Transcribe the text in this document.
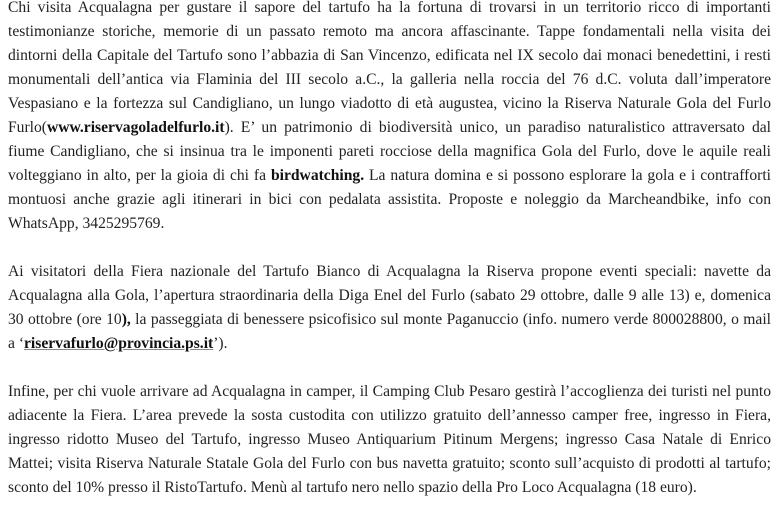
Chi visita Acqualagna per gustare il sapore del tartufo ha la fortuna di trovarsi in un territorio ricco di importanti testimonianze storiche, memorie di un passato remoto ma ancora affascinante. Tappe fondamentali nella visita dei dintorni della Capitale del Tartufo sono l’abbazia di San Vincenzo, edificata nel IX secolo dai monaci benedettini, i resti monumentali dell’antica via Flaminia del III secolo a.C., la galleria nella roccia del 76 d.C. voluta dall’imperatore Vespasiano e la fortezza sul Candigliano, un lungo viadotto di età augustea, vicino la Riserva Naturale Gola del Furlo Furlo(www.riservagoladelfurlo.it). E’ un patrimonio di biodiversità unico, un paradiso naturalistico attraversato dal fiume Candigliano, che si insinua tra le imponenti pareti rocciose della magnifica Gola del Furlo, dove le aquile reali volteggiano in alto, per la gioia di chi fa birdwatching. La natura domina e si possono esplorare la gola e i contrafforti montuosi anche grazie agli itinerari in bici con pedalata assistita. Proposte e noleggio da Marcheandbike, info con WhatsApp, 3425295769.

Ai visitatori della Fiera nazionale del Tartufo Bianco di Acqualagna la Riserva propone eventi speciali: navette da Acqualagna alla Gola, l’apertura straordinaria della Diga Enel del Furlo (sabato 29 ottobre, dalle 9 alle 13) e, domenica 30 ottobre (ore 10), la passeggiata di benessere psicofisico sul monte Paganuccio (info. numero verde 800028800, o mail a ‘riservafurlo@provincia.ps.it’).

Infine, per chi vuole arrivare ad Acqualagna in camper, il Camping Club Pesaro gestirà l’accoglienza dei turisti nel punto adiacente la Fiera. L’area prevede la sosta custodita con utilizzo gratuito dell’annesso camper free, ingresso in Fiera, ingresso ridotto Museo del Tartufo, ingresso Museo Antiquarium Pitinum Mergens; ingresso Casa Natale di Enrico Mattei; visita Riserva Naturale Statale Gola del Furlo con bus navetta gratuito; sconto sull’acquisto di prodotti al tartufo; sconto del 10% presso il RistoTartufo. Menù al tartufo nero nello spazio della Pro Loco Acqualagna (18 euro).
